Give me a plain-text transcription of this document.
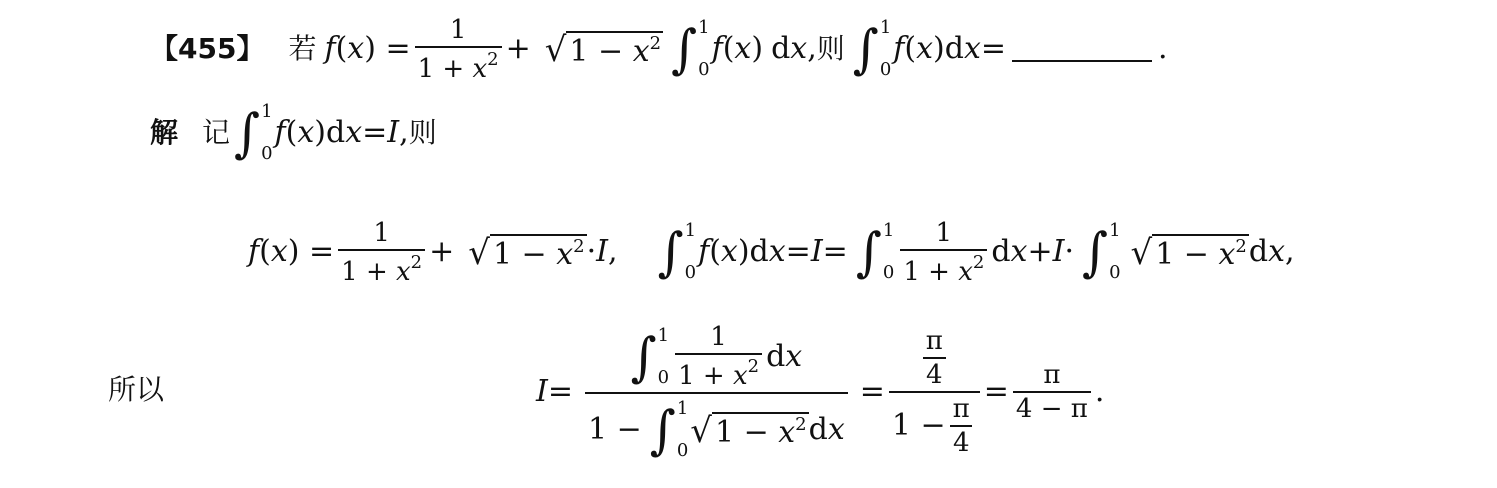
【455】 若 f ( x ) = $\frac{1}{1 + x^2}$ + √ $1 - x^2$ ∫ 1
0
f ( x ) dx, 则 ∫ 1
0
f ( x )d x =	.
解 记 ∫ 1
0
f ( x )d x = I , 则
f ( x ) = $\frac{1}{1 + x^2}$ + √ $1 - x^2 \cdot I$ , ∫ 1
0
f ( x )d x = I = ∫ 1
$0 \frac{1}{1 + x^2}$ d x + I · ∫ 1
0 √ $1 - x^2$ d x ,
所以	I = ∫ 1
$0 \frac{1}{1 + x^2}$ d x
1 − ∫ 1
0 √ $1 - x^2$ d $x = \frac{\frac{\pi}{4}}{1 - \frac{\pi}{4}} = \frac{\pi}{4 - \pi}$ .
